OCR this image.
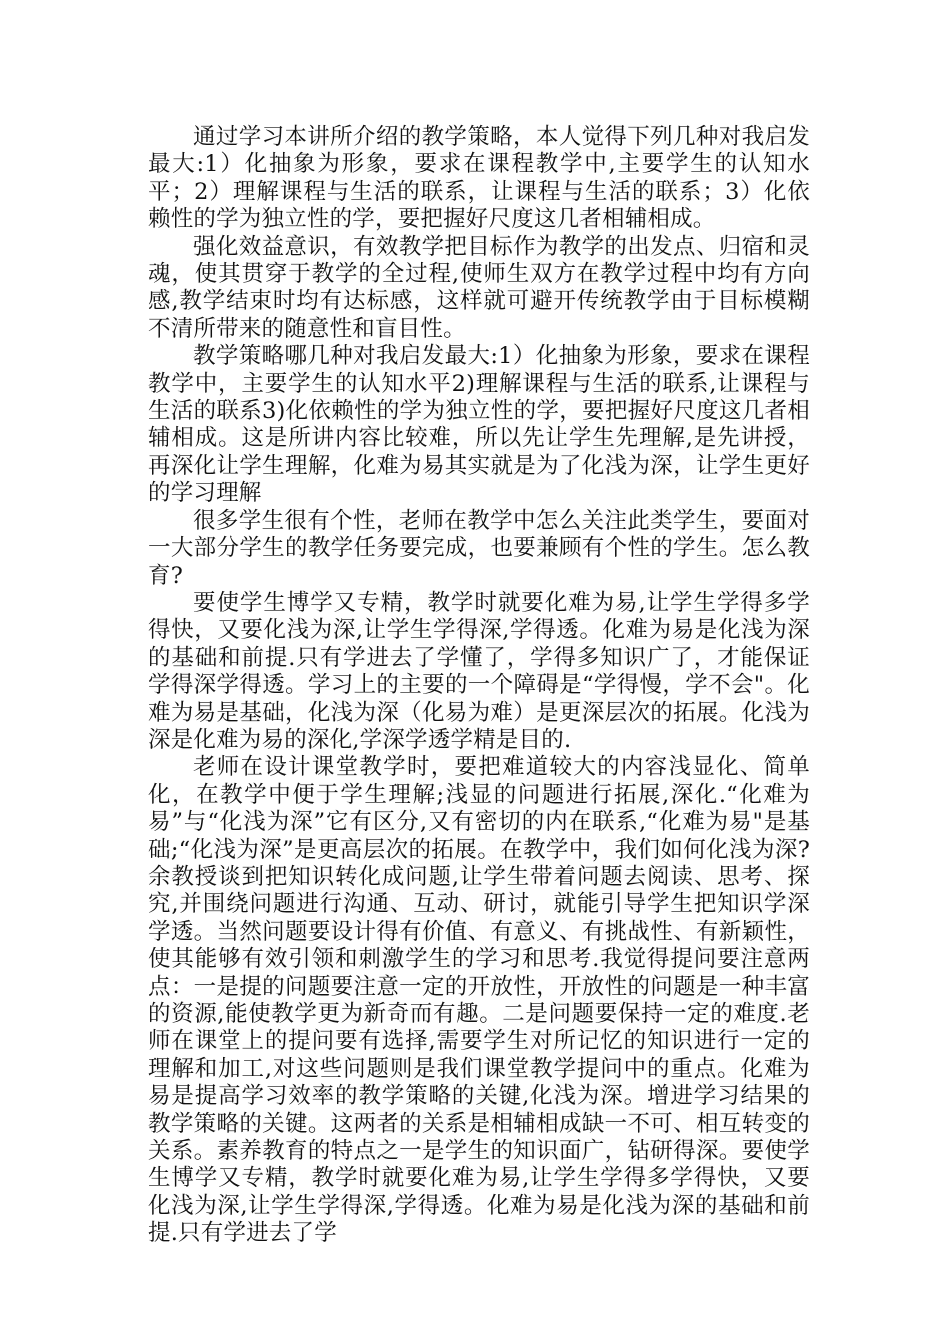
通过学习本讲所介绍的教学策略，本人觉得下列几种对我启发最大:1）化抽象为形象，要求在课程教学中,主要学生的认知水平；2）理解课程与生活的联系，让课程与生活的联系；3）化依赖性的学为独立性的学，要把握好尺度这几者相辅相成。

强化效益意识，有效教学把目标作为教学的出发点、归宿和灵魂，使其贯穿于教学的全过程,使师生双方在教学过程中均有方向感,教学结束时均有达标感，这样就可避开传统教学由于目标模糊不清所带来的随意性和盲目性。

教学策略哪几种对我启发最大:1）化抽象为形象，要求在课程教学中，主要学生的认知水平2)理解课程与生活的联系,让课程与生活的联系3)化依赖性的学为独立性的学，要把握好尺度这几者相辅相成。这是所讲内容比较难，所以先让学生先理解,是先讲授，再深化让学生理解，化难为易其实就是为了化浅为深，让学生更好的学习理解

很多学生很有个性，老师在教学中怎么关注此类学生，要面对一大部分学生的教学任务要完成，也要兼顾有个性的学生。怎么教育?

要使学生博学又专精，教学时就要化难为易,让学生学得多学得快，又要化浅为深,让学生学得深,学得透。化难为易是化浅为深的基础和前提.只有学进去了学懂了，学得多知识广了，才能保证学得深学得透。学习上的主要的一个障碍是“学得慢，学不会"。化难为易是基础，化浅为深（化易为难）是更深层次的拓展。化浅为深是化难为易的深化,学深学透学精是目的.

老师在设计课堂教学时，要把难道较大的内容浅显化、简单化，在教学中便于学生理解;浅显的问题进行拓展,深化.“化难为易”与“化浅为深”它有区分,又有密切的内在联系,“化难为易"是基础;“化浅为深”是更高层次的拓展。在教学中，我们如何化浅为深?余教授谈到把知识转化成问题,让学生带着问题去阅读、思考、探究,并围绕问题进行沟通、互动、研讨，就能引导学生把知识学深学透。当然问题要设计得有价值、有意义、有挑战性、有新颖性，使其能够有效引领和刺激学生的学习和思考.我觉得提问要注意两点：一是提的问题要注意一定的开放性，开放性的问题是一种丰富的资源,能使教学更为新奇而有趣。二是问题要保持一定的难度.老师在课堂上的提问要有选择,需要学生对所记忆的知识进行一定的理解和加工,对这些问题则是我们课堂教学提问中的重点。化难为易是提高学习效率的教学策略的关键,化浅为深。增进学习结果的教学策略的关键。这两者的关系是相辅相成缺一不可、相互转变的关系。素养教育的特点之一是学生的知识面广，钻研得深。要使学生博学又专精，教学时就要化难为易,让学生学得多学得快，又要化浅为深,让学生学得深,学得透。化难为易是化浅为深的基础和前提.只有学进去了学
